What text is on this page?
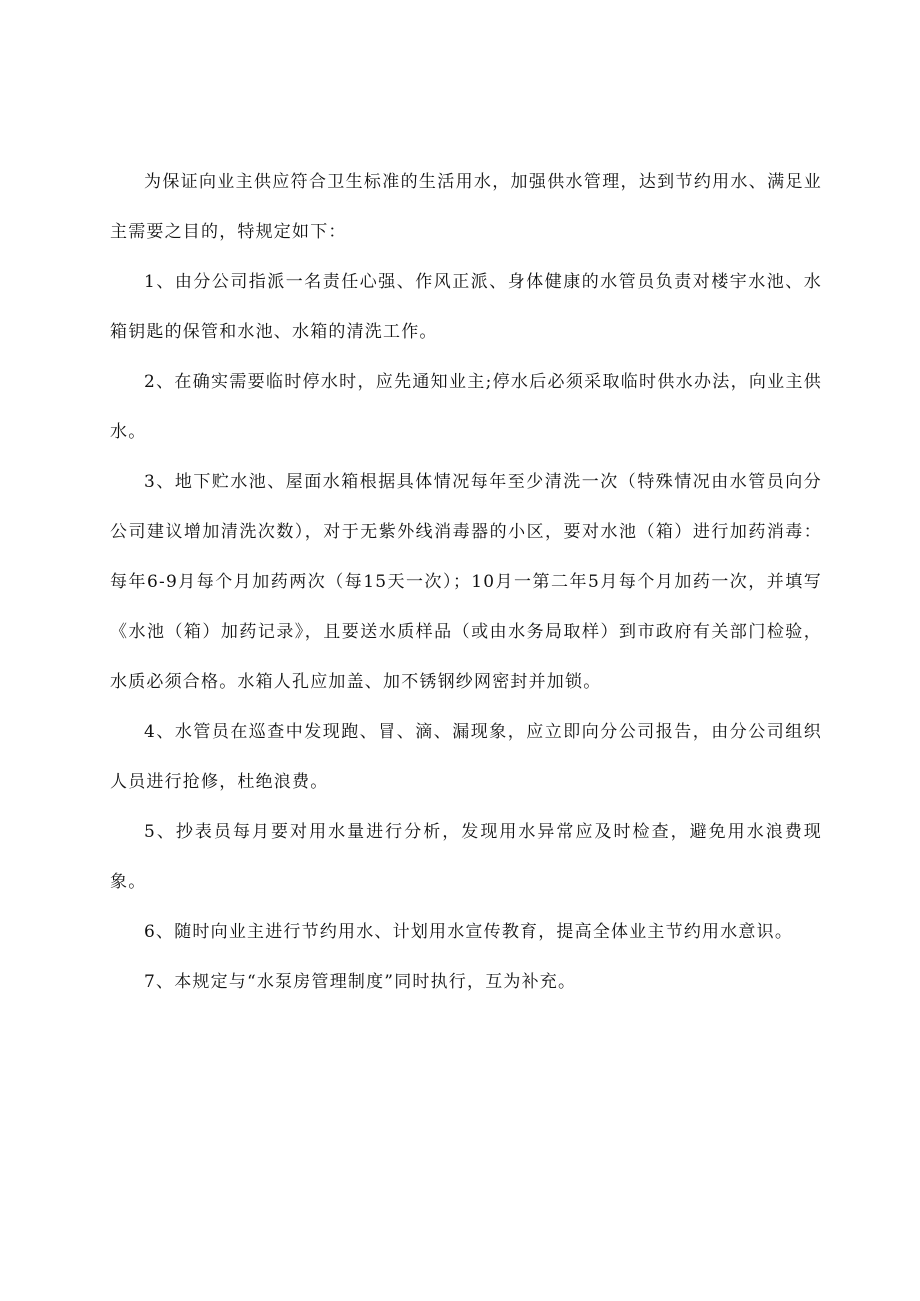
为保证向业主供应符合卫生标准的生活用水，加强供水管理，达到节约用水、满足业主需要之目的，特规定如下：

1、由分公司指派一名责任心强、作风正派、身体健康的水管员负责对楼宇水池、水箱钥匙的保管和水池、水箱的清洗工作。

2、在确实需要临时停水时，应先通知业主;停水后必须采取临时供水办法，向业主供水。

3、地下贮水池、屋面水箱根据具体情况每年至少清洗一次（特殊情况由水管员向分公司建议增加清洗次数），对于无紫外线消毒器的小区，要对水池（箱）进行加药消毒：每年6-9月每个月加药两次（每15天一次）；10月一第二年5月每个月加药一次，并填写《水池（箱）加药记录》，且要送水质样品（或由水务局取样）到市政府有关部门检验，水质必须合格。水箱人孔应加盖、加不锈钢纱网密封并加锁。

4、水管员在巡查中发现跑、冒、滴、漏现象，应立即向分公司报告，由分公司组织人员进行抢修，杜绝浪费。

5、抄表员每月要对用水量进行分析，发现用水异常应及时检查，避免用水浪费现象。

6、随时向业主进行节约用水、计划用水宣传教育，提高全体业主节约用水意识。

7、本规定与“水泵房管理制度”同时执行，互为补充。
